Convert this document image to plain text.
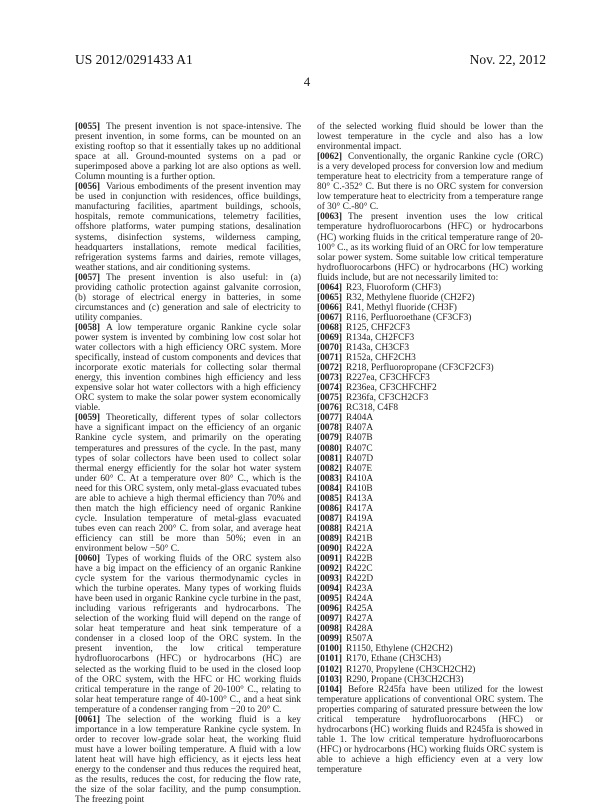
US 2012/0291433 A1	Nov. 22, 2012
4

[0055] The present invention is not space-intensive. The present invention, in some forms, can be mounted on an existing rooftop so that it essentially takes up no additional space at all. Ground-mounted systems on a pad or superimposed above a parking lot are also options as well. Column mounting is a further option.

[0056] Various embodiments of the present invention may be used in conjunction with residences, office buildings, manufacturing facilities, apartment buildings, schools, hospitals, remote communications, telemetry facilities, offshore platforms, water pumping stations, desalination systems, disinfection systems, wilderness camping, headquarters installations, remote medical facilities, refrigeration systems farms and dairies, remote villages, weather stations, and air conditioning systems.

[0057] The present invention is also useful: in (a) providing catholic protection against galvanite corrosion, (b) storage of electrical energy in batteries, in some circumstances and (c) generation and sale of electricity to utility companies.

[0058] A low temperature organic Rankine cycle solar power system is invented by combining low cost solar hot water collectors with a high efficiency ORC system. More specifically, instead of custom components and devices that incorporate exotic materials for collecting solar thermal energy, this invention combines high efficiency and less expensive solar hot water collectors with a high efficiency ORC system to make the solar power system economically viable.

[0059] Theoretically, different types of solar collectors have a significant impact on the efficiency of an organic Rankine cycle system, and primarily on the operating temperatures and pressures of the cycle. In the past, many types of solar collectors have been used to collect solar thermal energy efficiently for the solar hot water system under 60° C. At a temperature over 80° C., which is the need for this ORC system, only metal-glass evacuated tubes are able to achieve a high thermal efficiency than 70% and then match the high efficiency need of organic Rankine cycle. Insulation temperature of metal-glass evacuated tubes even can reach 200° C. from solar, and average heat efficiency can still be more than 50%; even in an environment below −50° C.

[0060] Types of working fluids of the ORC system also have a big impact on the efficiency of an organic Rankine cycle system for the various thermodynamic cycles in which the turbine operates. Many types of working fluids have been used in organic Rankine cycle turbine in the past, including various refrigerants and hydrocarbons. The selection of the working fluid will depend on the range of solar heat temperature and heat sink temperature of a condenser in a closed loop of the ORC system. In the present invention, the low critical temperature hydrofluorocarbons (HFC) or hydrocarbons (HC) are selected as the working fluid to be used in the closed loop of the ORC system, with the HFC or HC working fluids critical temperature in the range of 20-100° C., relating to solar heat temperature range of 40-100° C., and a heat sink temperature of a condenser ranging from −20 to 20° C.

[0061] The selection of the working fluid is a key importance in a low temperature Rankine cycle system. In order to recover low-grade solar heat, the working fluid must have a lower boiling temperature. A fluid with a low latent heat will have high efficiency, as it ejects less heat energy to the condenser and thus reduces the required heat, as the results, reduces the cost, for reducing the flow rate, the size of the solar facility, and the pump consumption. The freezing point

of the selected working fluid should be lower than the lowest temperature in the cycle and also has a low environmental impact.

[0062] Conventionally, the organic Rankine cycle (ORC) is a very developed process for conversion low and medium temperature heat to electricity from a temperature range of 80° C.-352° C. But there is no ORC system for conversion low temperature heat to electricity from a temperature range of 30° C.-80° C.

[0063] The present invention uses the low critical temperature hydrofluorocarbons (HFC) or hydrocarbons (HC) working fluids in the critical temperature range of 20-100° C., as its working fluid of an ORC for low temperature solar power system. Some suitable low critical temperature hydrofluorocarbons (HFC) or hydrocarbons (HC) working fluids include, but are not necessarily limited to:

[0064] R23, Fluoroform (CHF3)

[0065] R32, Methylene fluoride (CH2F2)

[0066] R41, Methyl fluoride (CH3F)

[0067] R116, Perfluoroethane (CF3CF3)

[0068] R125, CHF2CF3

[0069] R134a, CH2FCF3

[0070] R143a, CH3CF3

[0071] R152a, CHF2CH3

[0072] R218, Perfluoropropane (CF3CF2CF3)

[0073] R227ea, CF3CHFCF3

[0074] R236ea, CF3CHFCHF2

[0075] R236fa, CF3CH2CF3

[0076] RC318, C4F8

[0077] R404A

[0078] R407A

[0079] R407B

[0080] R407C

[0081] R407D

[0082] R407E

[0083] R410A

[0084] R410B

[0085] R413A

[0086] R417A

[0087] R419A

[0088] R421A

[0089] R421B

[0090] R422A

[0091] R422B

[0092] R422C

[0093] R422D

[0094] R423A

[0095] R424A

[0096] R425A

[0097] R427A

[0098] R428A

[0099] R507A

[0100] R1150, Ethylene (CH2CH2)

[0101] R170, Ethane (CH3CH3)

[0102] R1270, Propylene (CH3CH2CH2)

[0103] R290, Propane (CH3CH2CH3)

[0104] Before R245fa have been utilized for the lowest temperature applications of conventional ORC system. The properties comparing of saturated pressure between the low critical temperature hydrofluorocarbons (HFC) or hydrocarbons (HC) working fluids and R245fa is showed in table 1. The low critical temperature hydrofluorocarbons (HFC) or hydrocarbons (HC) working fluids ORC system is able to achieve a high efficiency even at a very low temperature
